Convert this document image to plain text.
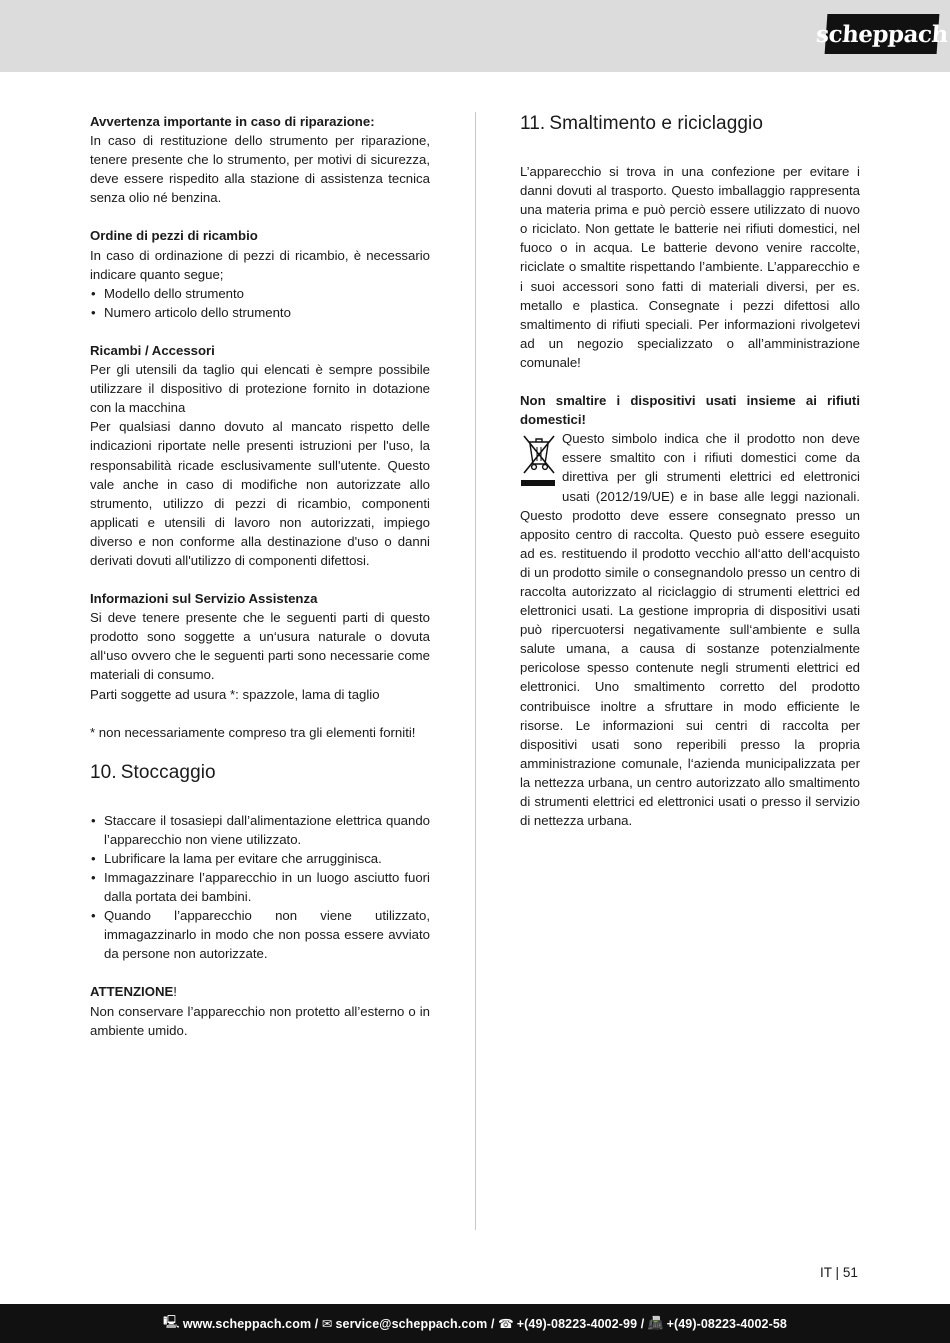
scheppach

Avvertenza importante in caso di riparazione:

In caso di restituzione dello strumento per riparazione, tenere presente che lo strumento, per motivi di sicurezza, deve essere rispedito alla stazione di assistenza tecnica senza olio né benzina.

Ordine di pezzi di ricambio

In caso di ordinazione di pezzi di ricambio, è necessario indicare quanto segue;

• Modello dello strumento
• Numero articolo dello strumento

Ricambi / Accessori

Per gli utensili da taglio qui elencati è sempre possibile utilizzare il dispositivo di protezione fornito in dotazione con la macchina

Per qualsiasi danno dovuto al mancato rispetto delle indicazioni riportate nelle presenti istruzioni per l'uso, la responsabilità ricade esclusivamente sull'utente. Questo vale anche in caso di modifiche non autorizzate allo strumento, utilizzo di pezzi di ricambio, componenti applicati e utensili di lavoro non autorizzati, impiego diverso e non conforme alla destinazione d'uso o danni derivati dovuti all'utilizzo di componenti difettosi.

Informazioni sul Servizio Assistenza

Si deve tenere presente che le seguenti parti di questo prodotto sono soggette a un‘usura naturale o dovuta all‘uso ovvero che le seguenti parti sono necessarie come materiali di consumo.

Parti soggette ad usura *: spazzole, lama di taglio

* non necessariamente compreso tra gli elementi forniti!

10. Stoccaggio
• Staccare il tosasiepi dall’alimentazione elettrica quando l’apparecchio non viene utilizzato.
• Lubrificare la lama per evitare che arrugginisca.
• Immagazzinare l’apparecchio in un luogo asciutto fuori dalla portata dei bambini.
• Quando l’apparecchio non viene utilizzato, immagazzinarlo in modo che non possa essere avviato da persone non autorizzate.

ATTENZIONE!

Non conservare l’apparecchio non protetto all’esterno o in ambiente umido.

11. Smaltimento e riciclaggio

L’apparecchio si trova in una confezione per evitare i danni dovuti al trasporto. Questo imballaggio rappresenta una materia prima e può perciò essere utilizzato di nuovo o riciclato. Non gettate le batterie nei rifiuti domestici, nel fuoco o in acqua. Le batterie devono venire raccolte, riciclate o smaltite rispettando l’ambiente. L’apparecchio e i suoi accessori sono fatti di materiali diversi, per es. metallo e plastica. Consegnate i pezzi difettosi allo smaltimento di rifiuti speciali. Per informazioni rivolgetevi ad un negozio specializzato o all’amministrazione comunale!

Non smaltire i dispositivi usati insieme ai rifiuti domestici!

Questo simbolo indica che il prodotto non deve essere smaltito con i rifiuti domestici come da direttiva per gli strumenti elettrici ed elettronici usati (2012/19/UE) e in base alle leggi nazionali. Questo prodotto deve essere consegnato presso un apposito centro di raccolta. Questo può essere eseguito ad es. restituendo il prodotto vecchio all‘atto dell‘acquisto di un prodotto simile o consegnandolo presso un centro di raccolta autorizzato al riciclaggio di strumenti elettrici ed elettronici usati. La gestione impropria di dispositivi usati può ripercuotersi negativamente sull‘ambiente e sulla salute umana, a causa di sostanze potenzialmente pericolose spesso contenute negli strumenti elettrici ed elettronici. Uno smaltimento corretto del prodotto contribuisce inoltre a sfruttare in modo efficiente le risorse. Le informazioni sui centri di raccolta per dispositivi usati sono reperibili presso la propria amministrazione comunale, l‘azienda municipalizzata per la nettezza urbana, un centro autorizzato allo smaltimento di strumenti elettrici ed elettronici usati o presso il servizio di nettezza urbana.

IT | 51
🖳 www.scheppach.com
/
✉ service@scheppach.com
/
☎ +(49)-08223-4002-99
/
📠 +(49)-08223-4002-58
